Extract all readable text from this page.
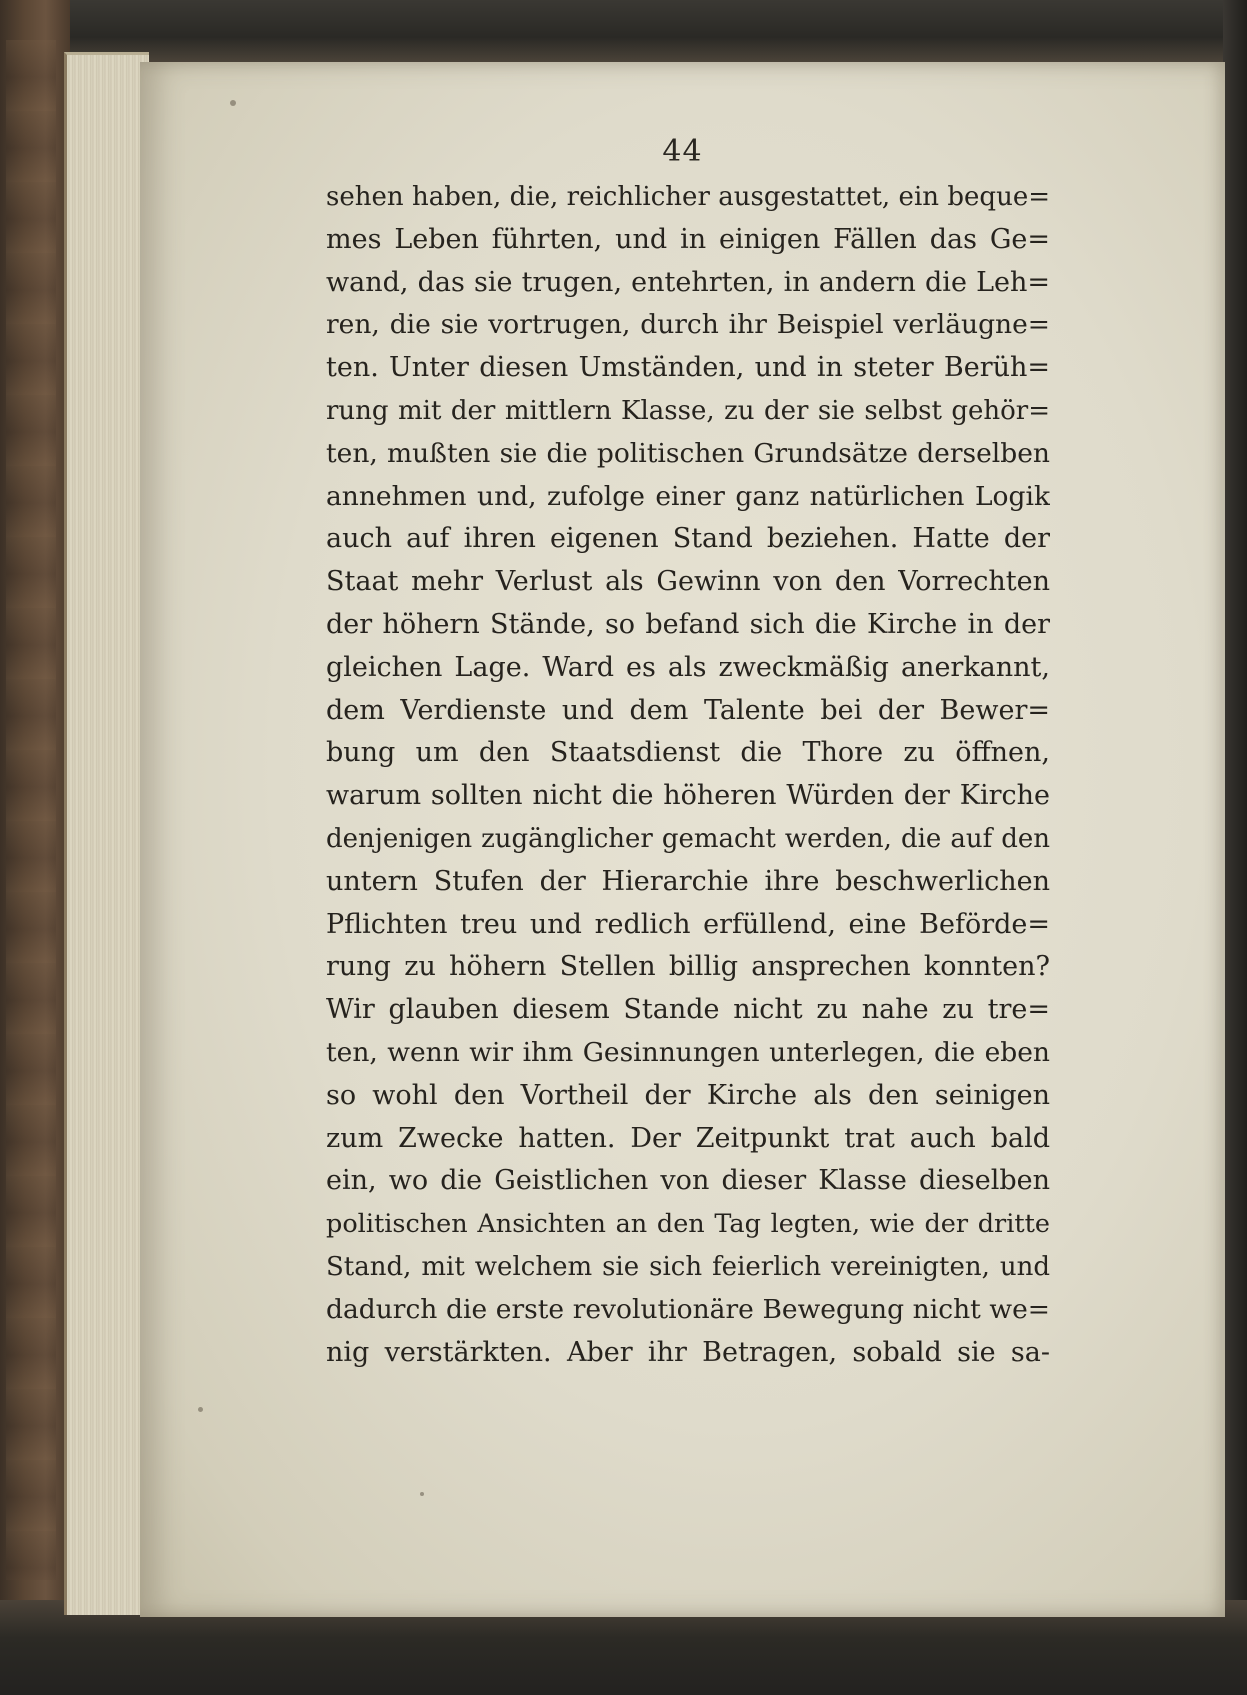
44
sehen haben, die, reichlicher ausgestattet, ein beque=
mes Leben führten, und in einigen Fällen das Ge=
wand, das sie trugen, entehrten, in andern die Leh=
ren, die sie vortrugen, durch ihr Beispiel verläugne=
ten. Unter diesen Umständen, und in steter Berüh=
rung mit der mittlern Klasse, zu der sie selbst gehör=
ten, mußten sie die politischen Grundsätze derselben
annehmen und, zufolge einer ganz natürlichen Logik
auch auf ihren eigenen Stand beziehen. Hatte der
Staat mehr Verlust als Gewinn von den Vorrechten
der höhern Stände, so befand sich die Kirche in der
gleichen Lage. Ward es als zweckmäßig anerkannt,
dem Verdienste und dem Talente bei der Bewer=
bung um den Staatsdienst die Thore zu öffnen,
warum sollten nicht die höheren Würden der Kirche
denjenigen zugänglicher gemacht werden, die auf den
untern Stufen der Hierarchie ihre beschwerlichen
Pflichten treu und redlich erfüllend, eine Beförde=
rung zu höhern Stellen billig ansprechen konnten?
Wir glauben diesem Stande nicht zu nahe zu tre=
ten, wenn wir ihm Gesinnungen unterlegen, die eben
so wohl den Vortheil der Kirche als den seinigen
zum Zwecke hatten. Der Zeitpunkt trat auch bald
ein, wo die Geistlichen von dieser Klasse dieselben
politischen Ansichten an den Tag legten, wie der dritte
Stand, mit welchem sie sich feierlich vereinigten, und
dadurch die erste revolutionäre Bewegung nicht we=
nig verstärkten. Aber ihr Betragen, sobald sie sa-
